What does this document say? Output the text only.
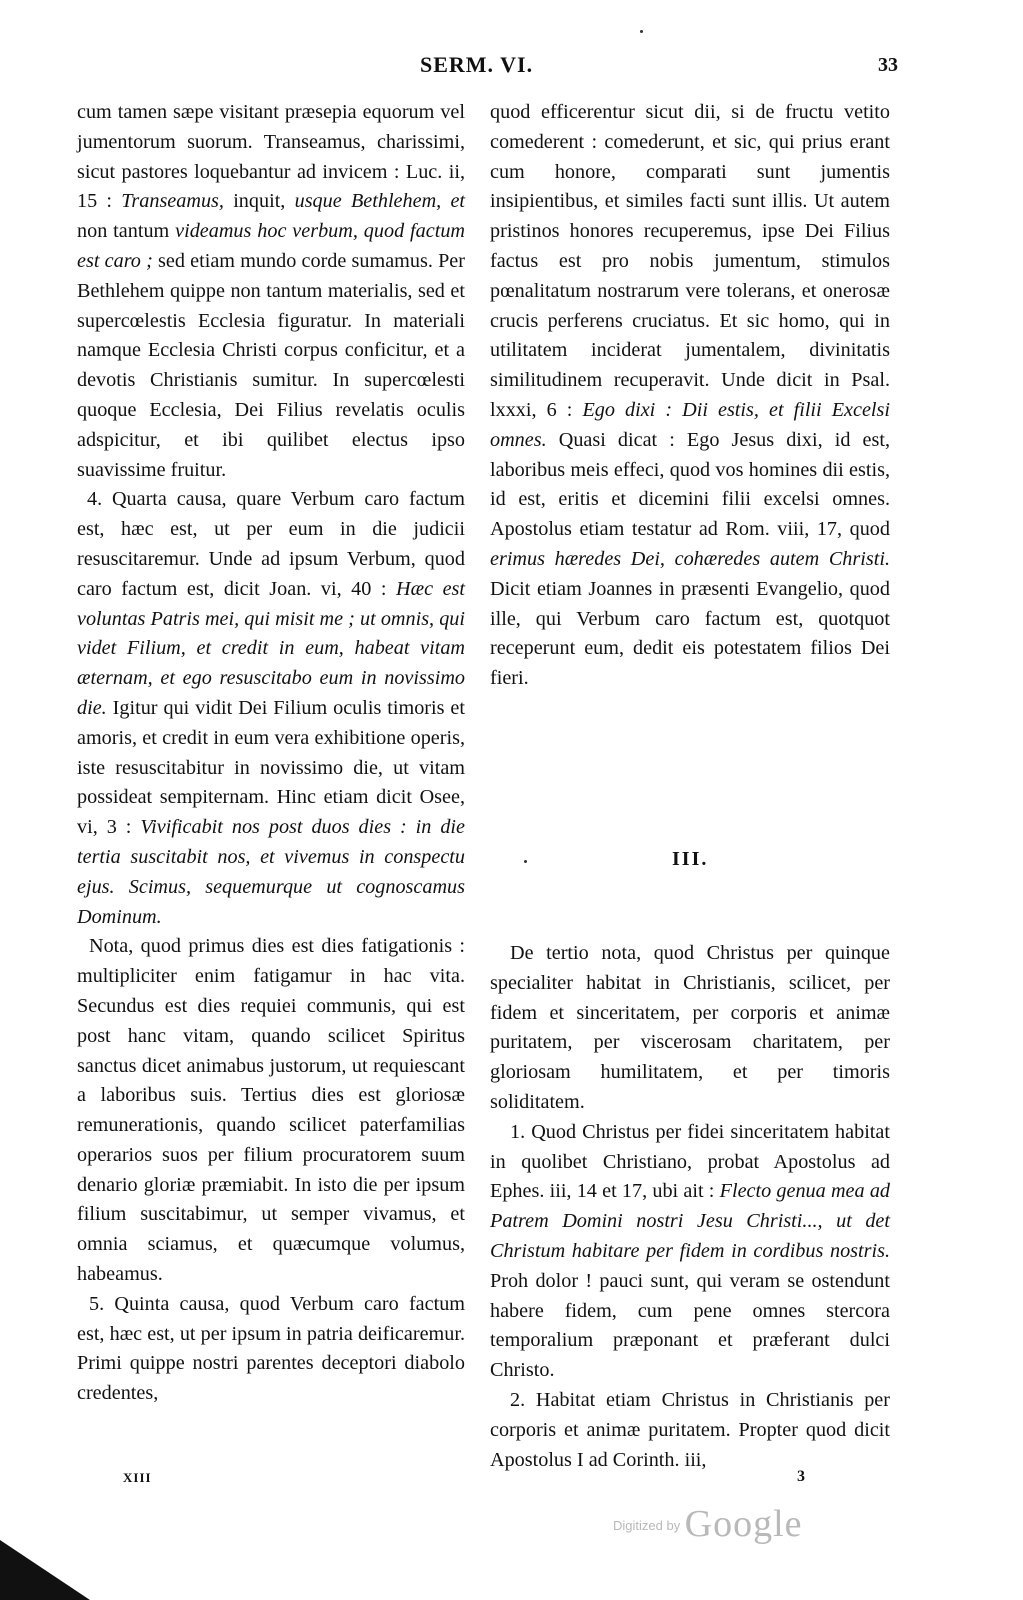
SERM. VI.	33

cum tamen sæpe visitant præsepia equorum vel jumentorum suorum. Transeamus, charissimi, sicut pastores loquebantur ad invicem : Luc. ii, 15 : Transeamus, inquit, usque Bethlehem, et non tantum videamus hoc verbum, quod factum est caro ; sed etiam mundo corde sumamus. Per Bethlehem quippe non tantum materialis, sed et supercœlestis Ecclesia figuratur. In materiali namque Ecclesia Christi corpus conficitur, et a devotis Christianis sumitur. In supercœlesti quoque Ecclesia, Dei Filius revelatis oculis adspicitur, et ibi quilibet electus ipso suavissime fruitur.

4. Quarta causa, quare Verbum caro factum est, hæc est, ut per eum in die judicii resuscitaremur. Unde ad ipsum Verbum, quod caro factum est, dicit Joan. vi, 40 : Hæc est voluntas Patris mei, qui misit me ; ut omnis, qui videt Filium, et credit in eum, habeat vitam æternam, et ego resuscitabo eum in novissimo die. Igitur qui vidit Dei Filium oculis timoris et amoris, et credit in eum vera exhibitione operis, iste resuscitabitur in novissimo die, ut vitam possideat sempiternam. Hinc etiam dicit Osee, vi, 3 : Vivificabit nos post duos dies : in die tertia suscitabit nos, et vivemus in conspectu ejus. Scimus, sequemurque ut cognoscamus Dominum.

Nota, quod primus dies est dies fatigationis : multipliciter enim fatigamur in hac vita. Secundus est dies requiei communis, qui est post hanc vitam, quando scilicet Spiritus sanctus dicet animabus justorum, ut requiescant a laboribus suis. Tertius dies est gloriosæ remunerationis, quando scilicet paterfamilias operarios suos per filium procuratorem suum denario gloriæ præmiabit. In isto die per ipsum filium suscitabimur, ut semper vivamus, et omnia sciamus, et quæcumque volumus, habeamus.

5. Quinta causa, quod Verbum caro factum est, hæc est, ut per ipsum in patria deificaremur. Primi quippe nostri parentes deceptori diabolo credentes,

quod efficerentur sicut dii, si de fructu vetito comederent : comederunt, et sic, qui prius erant cum honore, comparati sunt jumentis insipientibus, et similes facti sunt illis. Ut autem pristinos honores recuperemus, ipse Dei Filius factus est pro nobis jumentum, stimulos pœnalitatum nostrarum vere tolerans, et onerosæ crucis perferens cruciatus. Et sic homo, qui in utilitatem inciderat jumentalem, divinitatis similitudinem recuperavit. Unde dicit in Psal. lxxxi, 6 : Ego dixi : Dii estis, et filii Excelsi omnes. Quasi dicat : Ego Jesus dixi, id est, laboribus meis effeci, quod vos homines dii estis, id est, eritis et dicemini filii excelsi omnes. Apostolus etiam testatur ad Rom. viii, 17, quod erimus hæredes Dei, cohæredes autem Christi. Dicit etiam Joannes in præsenti Evangelio, quod ille, qui Verbum caro factum est, quotquot receperunt eum, dedit eis potestatem filios Dei fieri.

III.

De tertio nota, quod Christus per quinque specialiter habitat in Christianis, scilicet, per fidem et sinceritatem, per corporis et animæ puritatem, per viscerosam charitatem, per gloriosam humilitatem, et per timoris soliditatem.

1. Quod Christus per fidei sinceritatem habitat in quolibet Christiano, probat Apostolus ad Ephes. iii, 14 et 17, ubi ait : Flecto genua mea ad Patrem Domini nostri Jesu Christi..., ut det Christum habitare per fidem in cordibus nostris. Proh dolor ! pauci sunt, qui veram se ostendunt habere fidem, cum pene omnes stercora temporalium præponant et præferant dulci Christo.

2. Habitat etiam Christus in Christianis per corporis et animæ puritatem. Propter quod dicit Apostolus I ad Corinth. iii,

XIII	3
$^{Digitized by}$ Google
